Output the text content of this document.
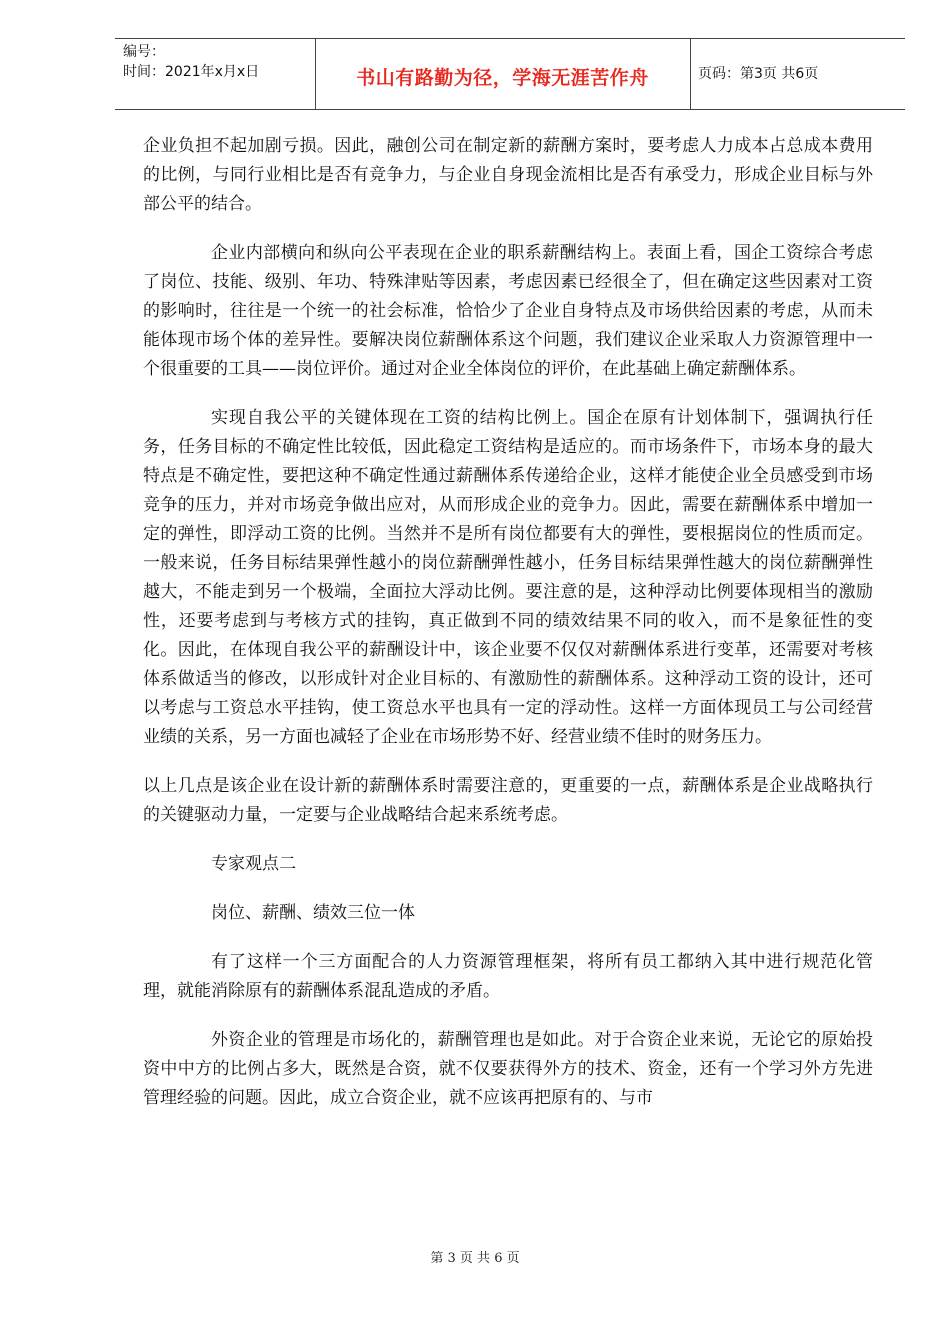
编号：
时间：2021年x月x日	书山有路勤为径，学海无涯苦作舟	页码：第3页 共6页

企业负担不起加剧亏损。因此，融创公司在制定新的薪酬方案时，要考虑人力成本占总成本费用的比例，与同行业相比是否有竞争力，与企业自身现金流相比是否有承受力，形成企业目标与外部公平的结合。

企业内部横向和纵向公平表现在企业的职系薪酬结构上。表面上看，国企工资综合考虑了岗位、技能、级别、年功、特殊津贴等因素，考虑因素已经很全了，但在确定这些因素对工资的影响时，往往是一个统一的社会标准，恰恰少了企业自身特点及市场供给因素的考虑，从而未能体现市场个体的差异性。要解决岗位薪酬体系这个问题，我们建议企业采取人力资源管理中一个很重要的工具——岗位评价。通过对企业全体岗位的评价，在此基础上确定薪酬体系。

实现自我公平的关键体现在工资的结构比例上。国企在原有计划体制下，强调执行任务，任务目标的不确定性比较低，因此稳定工资结构是适应的。而市场条件下，市场本身的最大特点是不确定性，要把这种不确定性通过薪酬体系传递给企业，这样才能使企业全员感受到市场竞争的压力，并对市场竞争做出应对，从而形成企业的竞争力。因此，需要在薪酬体系中增加一定的弹性，即浮动工资的比例。当然并不是所有岗位都要有大的弹性，要根据岗位的性质而定。一般来说，任务目标结果弹性越小的岗位薪酬弹性越小，任务目标结果弹性越大的岗位薪酬弹性越大，不能走到另一个极端，全面拉大浮动比例。要注意的是，这种浮动比例要体现相当的激励性，还要考虑到与考核方式的挂钩，真正做到不同的绩效结果不同的收入，而不是象征性的变化。因此，在体现自我公平的薪酬设计中，该企业要不仅仅对薪酬体系进行变革，还需要对考核体系做适当的修改，以形成针对企业目标的、有激励性的薪酬体系。这种浮动工资的设计，还可以考虑与工资总水平挂钩，使工资总水平也具有一定的浮动性。这样一方面体现员工与公司经营业绩的关系，另一方面也减轻了企业在市场形势不好、经营业绩不佳时的财务压力。

以上几点是该企业在设计新的薪酬体系时需要注意的，更重要的一点，薪酬体系是企业战略执行的关键驱动力量，一定要与企业战略结合起来系统考虑。

专家观点二

岗位、薪酬、绩效三位一体

有了这样一个三方面配合的人力资源管理框架，将所有员工都纳入其中进行规范化管理，就能消除原有的薪酬体系混乱造成的矛盾。

外资企业的管理是市场化的，薪酬管理也是如此。对于合资企业来说，无论它的原始投资中中方的比例占多大，既然是合资，就不仅要获得外方的技术、资金，还有一个学习外方先进管理经验的问题。因此，成立合资企业，就不应该再把原有的、与市

第 3 页 共 6 页
